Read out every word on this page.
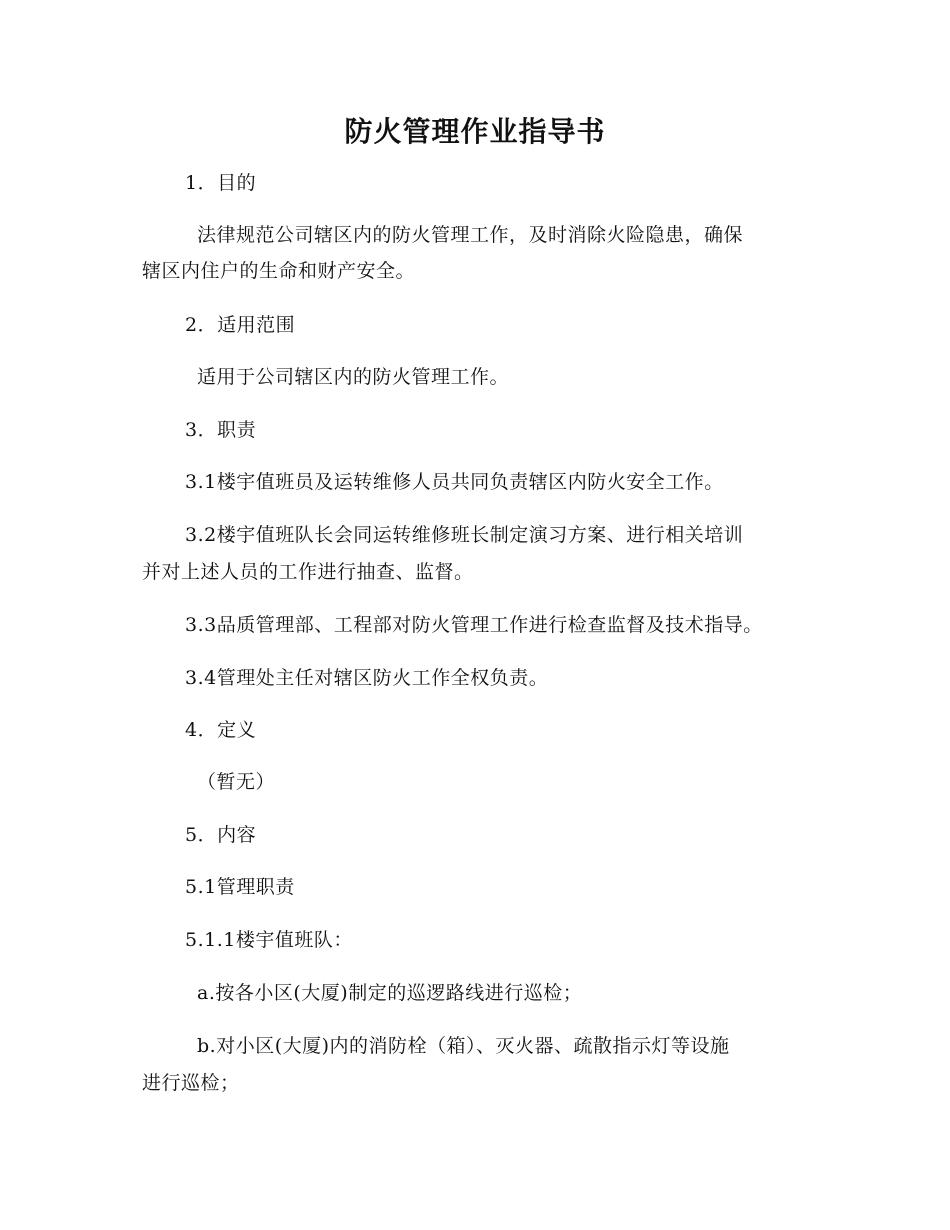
防火管理作业指导书
1．目的
法律规范公司辖区内的防火管理工作，及时消除火险隐患，确保
辖区内住户的生命和财产安全。
2．适用范围
适用于公司辖区内的防火管理工作。
3．职责
3.1楼宇值班员及运转维修人员共同负责辖区内防火安全工作。
3.2楼宇值班队长会同运转维修班长制定演习方案、进行相关培训
并对上述人员的工作进行抽查、监督。
3.3品质管理部、工程部对防火管理工作进行检查监督及技术指导。
3.4管理处主任对辖区防火工作全权负责。
4．定义
（暂无）
5．内容
5.1管理职责
5.1.1楼宇值班队：
a.按各小区(大厦)制定的巡逻路线进行巡检；
b.对小区(大厦)内的消防栓（箱）、灭火器、疏散指示灯等设施
进行巡检；
